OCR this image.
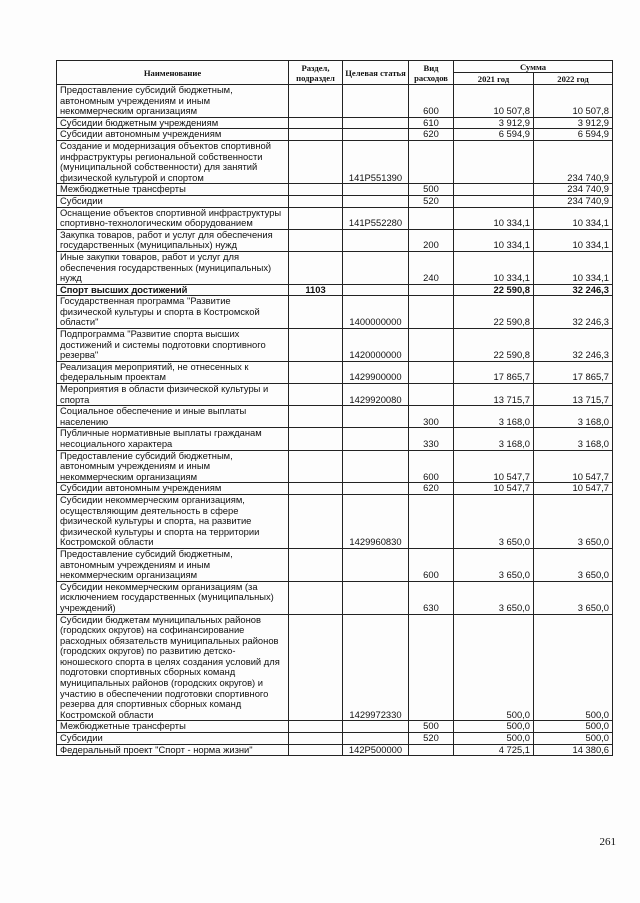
Наименование	Раздел, подраздел	Целевая статья	Вид расходов	Сумма	
				2021 год	2022 год
Предоставление субсидий бюджетным, автономным учреждениям и иным некоммерческим организациям			600	10 507,8	10 507,8
Субсидии бюджетным учреждениям			610	3 912,9	3 912,9
Субсидии автономным учреждениям			620	6 594,9	6 594,9
Создание и модернизация объектов спортивной инфраструктуры региональной собственности (муниципальной собственности) для занятий физической культурой и спортом		141P551390			234 740,9
Межбюджетные трансферты			500		234 740,9
Субсидии			520		234 740,9
Оснащение объектов спортивной инфраструктуры спортивно-технологическим оборудованием		141P552280		10 334,1	10 334,1
Закупка товаров, работ и услуг для обеспечения государственных (муниципальных) нужд			200	10 334,1	10 334,1
Иные закупки товаров, работ и услуг для обеспечения государственных (муниципальных) нужд			240	10 334,1	10 334,1
Спорт высших достижений	1103			22 590,8	32 246,3
Государственная программа "Развитие физической культуры и спорта в Костромской области"		1400000000		22 590,8	32 246,3
Подпрограмма "Развитие спорта высших достижений и системы подготовки спортивного резерва"		1420000000		22 590,8	32 246,3
Реализация мероприятий, не отнесенных к федеральным проектам		1429900000		17 865,7	17 865,7
Мероприятия в области физической культуры и спорта		1429920080		13 715,7	13 715,7
Социальное обеспечение и иные выплаты населению			300	3 168,0	3 168,0
Публичные нормативные выплаты гражданам несоциального характера			330	3 168,0	3 168,0
Предоставление субсидий бюджетным, автономным учреждениям и иным некоммерческим организациям			600	10 547,7	10 547,7
Субсидии автономным учреждениям			620	10 547,7	10 547,7
Субсидии некоммерческим организациям, осуществляющим деятельность в сфере физической культуры и спорта, на развитие физической культуры и спорта на территории Костромской области		1429960830		3 650,0	3 650,0
Предоставление субсидий бюджетным, автономным учреждениям и иным некоммерческим организациям			600	3 650,0	3 650,0
Субсидии некоммерческим организациям (за исключением государственных (муниципальных) учреждений)			630	3 650,0	3 650,0
Субсидии бюджетам муниципальных районов (городских округов) на софинансирование расходных обязательств муниципальных районов (городских округов) по развитию детско-юношеского спорта в целях создания условий для подготовки спортивных сборных команд муниципальных районов (городских округов) и участию в обеспечении подготовки спортивного резерва для спортивных сборных команд Костромской области		1429972330		500,0	500,0
Межбюджетные трансферты			500	500,0	500,0
Субсидии			520	500,0	500,0
Федеральный проект "Спорт - норма жизни"		142P500000		4 725,1	14 380,6
261
